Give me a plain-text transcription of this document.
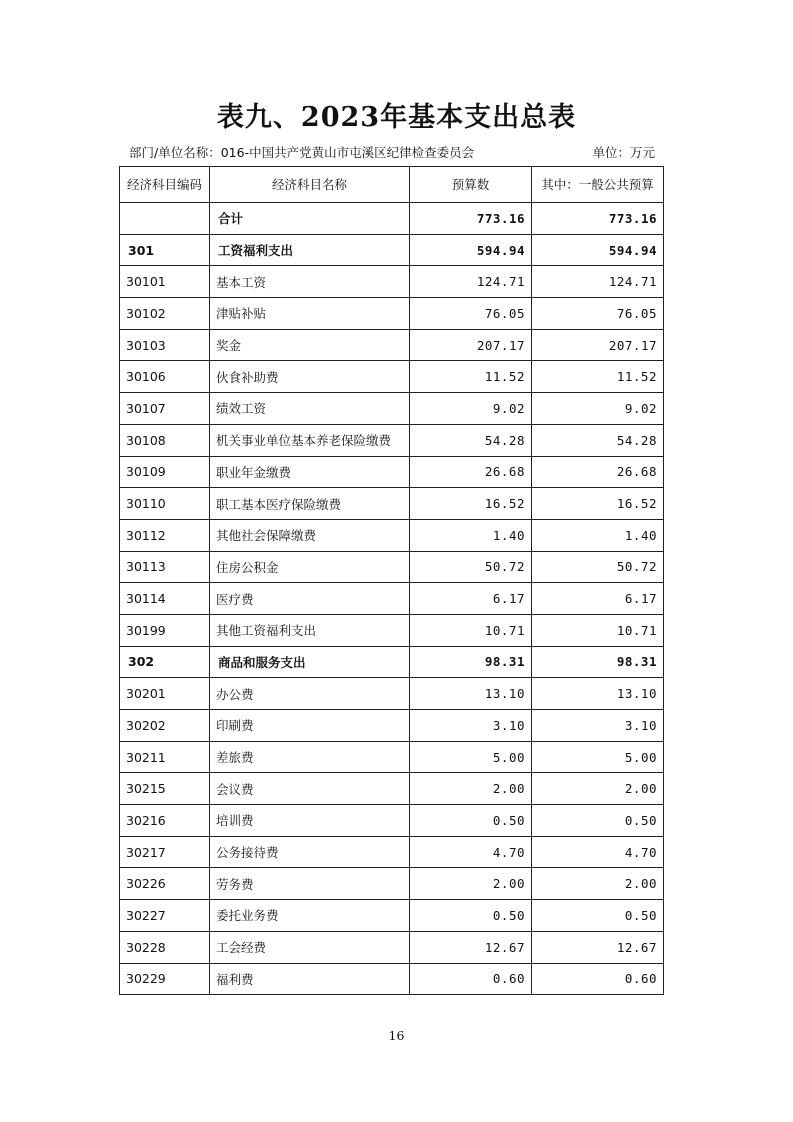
表九、2023年基本支出总表
部门/单位名称：016-中国共产党黄山市屯溪区纪律检查委员会	单位：万元
经济科目编码	经济科目名称	预算数	其中：一般公共预算
	合计	773.16	773.16
301	工资福利支出	594.94	594.94
30101	基本工资	124.71	124.71
30102	津贴补贴	76.05	76.05
30103	奖金	207.17	207.17
30106	伙食补助费	11.52	11.52
30107	绩效工资	9.02	9.02
30108	机关事业单位基本养老保险缴费	54.28	54.28
30109	职业年金缴费	26.68	26.68
30110	职工基本医疗保险缴费	16.52	16.52
30112	其他社会保障缴费	1.40	1.40
30113	住房公积金	50.72	50.72
30114	医疗费	6.17	6.17
30199	其他工资福利支出	10.71	10.71
302	商品和服务支出	98.31	98.31
30201	办公费	13.10	13.10
30202	印刷费	3.10	3.10
30211	差旅费	5.00	5.00
30215	会议费	2.00	2.00
30216	培训费	0.50	0.50
30217	公务接待费	4.70	4.70
30226	劳务费	2.00	2.00
30227	委托业务费	0.50	0.50
30228	工会经费	12.67	12.67
30229	福利费	0.60	0.60
16
